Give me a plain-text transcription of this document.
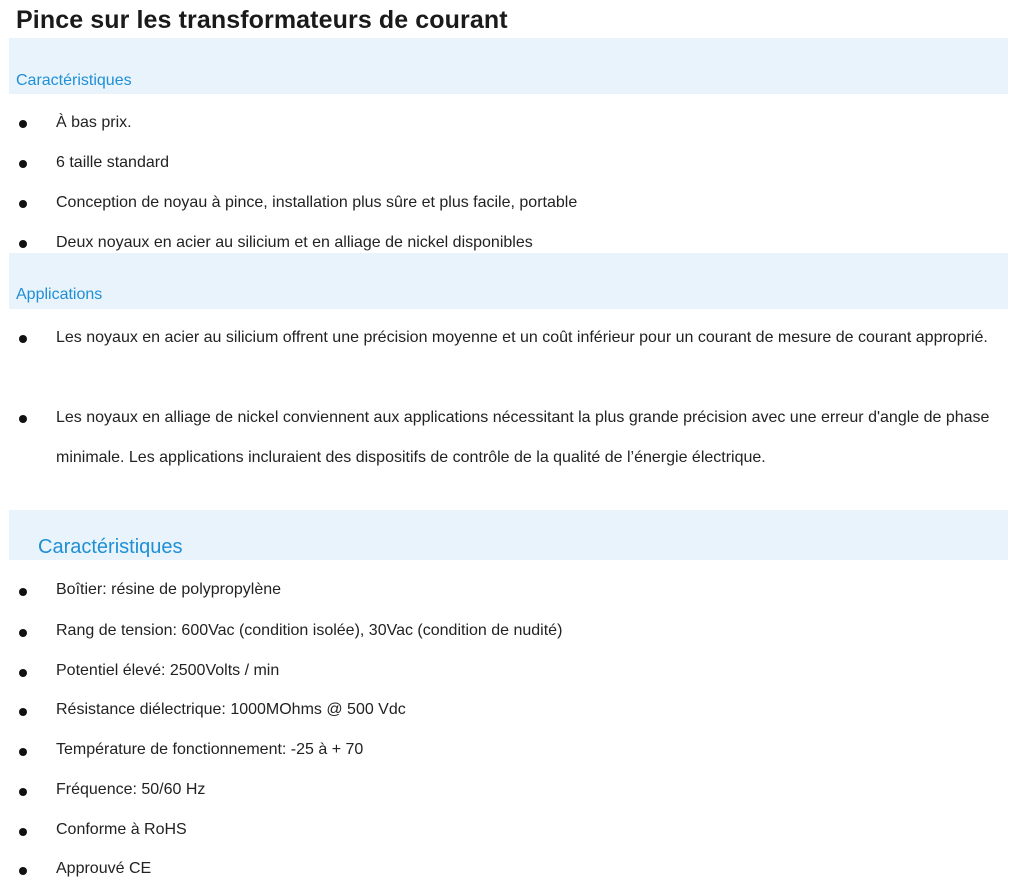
Pince sur les transformateurs de courant
Caractéristiques
À bas prix.
6 taille standard
Conception de noyau à pince, installation plus sûre et plus facile, portable
Deux noyaux en acier au silicium et en alliage de nickel disponibles
Applications
Les noyaux en acier au silicium offrent une précision moyenne et un coût inférieur pour un courant de mesure de courant approprié.
Les noyaux en alliage de nickel conviennent aux applications nécessitant la plus grande précision avec une erreur d'angle de phase minimale. Les applications incluraient des dispositifs de contrôle de la qualité de l’énergie électrique.
Caractéristiques
Boîtier: résine de polypropylène
Rang de tension: 600Vac (condition isolée), 30Vac (condition de nudité)
Potentiel élevé: 2500Volts / min
Résistance diélectrique: 1000MOhms @ 500 Vdc
Température de fonctionnement: -25 à + 70
Fréquence: 50/60 Hz
Conforme à RoHS
Approuvé CE
